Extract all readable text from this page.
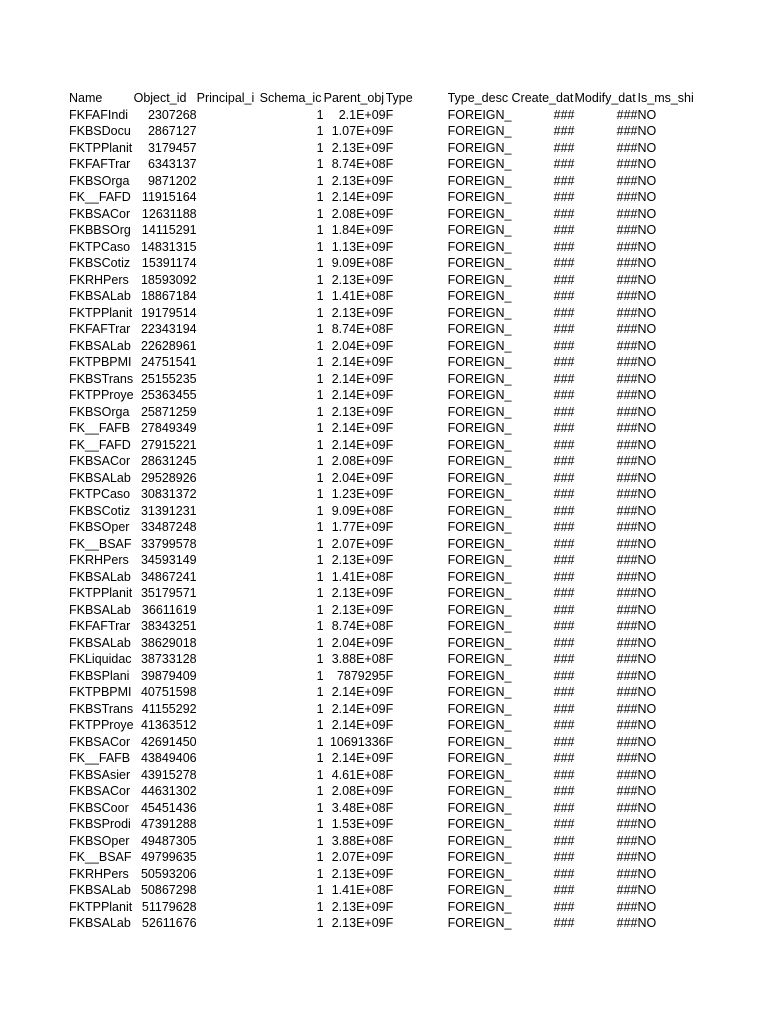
Name	Object_id	Principal_i	Schema_ic	Parent_obj	Type	Type_desc	Create_dat	Modify_dat	Is_ms_shi
FKFAFIndi	2307268		1	2.1E+09	F	FOREIGN_	###	###	NO
FKBSDocu	2867127		1	1.07E+09	F	FOREIGN_	###	###	NO
FKTPPlanit	3179457		1	2.13E+09	F	FOREIGN_	###	###	NO
FKFAFTrar	6343137		1	8.74E+08	F	FOREIGN_	###	###	NO
FKBSOrga	9871202		1	2.13E+09	F	FOREIGN_	###	###	NO
FK__FAFD	11915164		1	2.14E+09	F	FOREIGN_	###	###	NO
FKBSACor	12631188		1	2.08E+09	F	FOREIGN_	###	###	NO
FKBBSOrg	14115291		1	1.84E+09	F	FOREIGN_	###	###	NO
FKTPCaso	14831315		1	1.13E+09	F	FOREIGN_	###	###	NO
FKBSCotiz	15391174		1	9.09E+08	F	FOREIGN_	###	###	NO
FKRHPers	18593092		1	2.13E+09	F	FOREIGN_	###	###	NO
FKBSALab	18867184		1	1.41E+08	F	FOREIGN_	###	###	NO
FKTPPlanit	19179514		1	2.13E+09	F	FOREIGN_	###	###	NO
FKFAFTrar	22343194		1	8.74E+08	F	FOREIGN_	###	###	NO
FKBSALab	22628961		1	2.04E+09	F	FOREIGN_	###	###	NO
FKTPBPMI	24751541		1	2.14E+09	F	FOREIGN_	###	###	NO
FKBSTrans	25155235		1	2.14E+09	F	FOREIGN_	###	###	NO
FKTPProye	25363455		1	2.14E+09	F	FOREIGN_	###	###	NO
FKBSOrga	25871259		1	2.13E+09	F	FOREIGN_	###	###	NO
FK__FAFB	27849349		1	2.14E+09	F	FOREIGN_	###	###	NO
FK__FAFD	27915221		1	2.14E+09	F	FOREIGN_	###	###	NO
FKBSACor	28631245		1	2.08E+09	F	FOREIGN_	###	###	NO
FKBSALab	29528926		1	2.04E+09	F	FOREIGN_	###	###	NO
FKTPCaso	30831372		1	1.23E+09	F	FOREIGN_	###	###	NO
FKBSCotiz	31391231		1	9.09E+08	F	FOREIGN_	###	###	NO
FKBSOper	33487248		1	1.77E+09	F	FOREIGN_	###	###	NO
FK__BSAF	33799578		1	2.07E+09	F	FOREIGN_	###	###	NO
FKRHPers	34593149		1	2.13E+09	F	FOREIGN_	###	###	NO
FKBSALab	34867241		1	1.41E+08	F	FOREIGN_	###	###	NO
FKTPPlanit	35179571		1	2.13E+09	F	FOREIGN_	###	###	NO
FKBSALab	36611619		1	2.13E+09	F	FOREIGN_	###	###	NO
FKFAFTrar	38343251		1	8.74E+08	F	FOREIGN_	###	###	NO
FKBSALab	38629018		1	2.04E+09	F	FOREIGN_	###	###	NO
FKLiquidac	38733128		1	3.88E+08	F	FOREIGN_	###	###	NO
FKBSPlani	39879409		1	7879295	F	FOREIGN_	###	###	NO
FKTPBPMI	40751598		1	2.14E+09	F	FOREIGN_	###	###	NO
FKBSTrans	41155292		1	2.14E+09	F	FOREIGN_	###	###	NO
FKTPProye	41363512		1	2.14E+09	F	FOREIGN_	###	###	NO
FKBSACor	42691450		1	10691336	F	FOREIGN_	###	###	NO
FK__FAFB	43849406		1	2.14E+09	F	FOREIGN_	###	###	NO
FKBSAsier	43915278		1	4.61E+08	F	FOREIGN_	###	###	NO
FKBSACor	44631302		1	2.08E+09	F	FOREIGN_	###	###	NO
FKBSCoor	45451436		1	3.48E+08	F	FOREIGN_	###	###	NO
FKBSProdi	47391288		1	1.53E+09	F	FOREIGN_	###	###	NO
FKBSOper	49487305		1	3.88E+08	F	FOREIGN_	###	###	NO
FK__BSAF	49799635		1	2.07E+09	F	FOREIGN_	###	###	NO
FKRHPers	50593206		1	2.13E+09	F	FOREIGN_	###	###	NO
FKBSALab	50867298		1	1.41E+08	F	FOREIGN_	###	###	NO
FKTPPlanit	51179628		1	2.13E+09	F	FOREIGN_	###	###	NO
FKBSALab	52611676		1	2.13E+09	F	FOREIGN_	###	###	NO
